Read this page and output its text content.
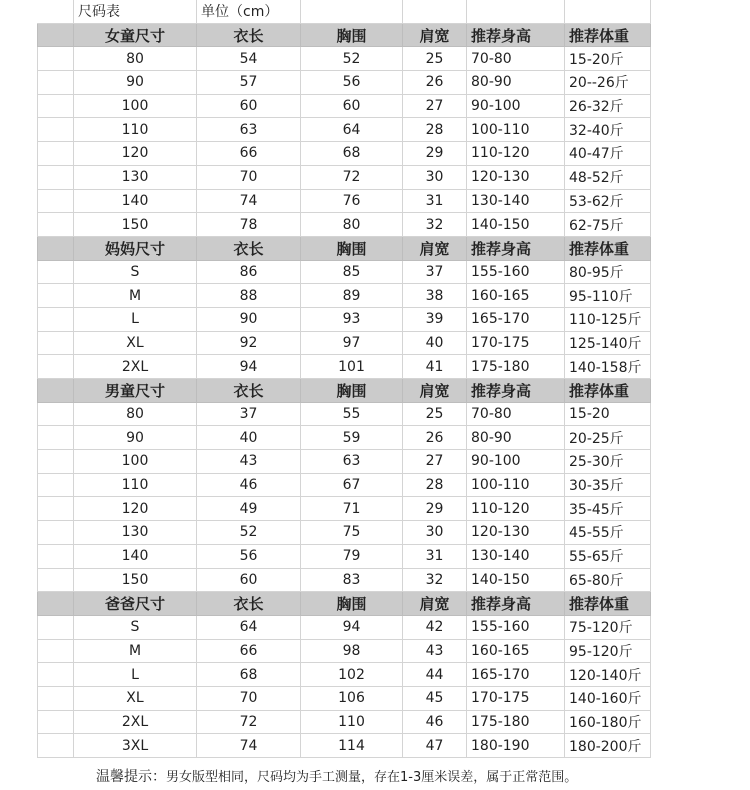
	尺码表	单位（cm）				
	女童尺寸	衣长	胸围	肩宽	推荐身高	推荐体重
	80	54	52	25	70-80	15-20斤
	90	57	56	26	80-90	20--26斤
	100	60	60	27	90-100	26-32斤
	110	63	64	28	100-110	32-40斤
	120	66	68	29	110-120	40-47斤
	130	70	72	30	120-130	48-52斤
	140	74	76	31	130-140	53-62斤
	150	78	80	32	140-150	62-75斤
	妈妈尺寸	衣长	胸围	肩宽	推荐身高	推荐体重
	S	86	85	37	155-160	80-95斤
	M	88	89	38	160-165	95-110斤
	L	90	93	39	165-170	110-125斤
	XL	92	97	40	170-175	125-140斤
	2XL	94	101	41	175-180	140-158斤
	男童尺寸	衣长	胸围	肩宽	推荐身高	推荐体重
	80	37	55	25	70-80	15-20
	90	40	59	26	80-90	20-25斤
	100	43	63	27	90-100	25-30斤
	110	46	67	28	100-110	30-35斤
	120	49	71	29	110-120	35-45斤
	130	52	75	30	120-130	45-55斤
	140	56	79	31	130-140	55-65斤
	150	60	83	32	140-150	65-80斤
	爸爸尺寸	衣长	胸围	肩宽	推荐身高	推荐体重
	S	64	94	42	155-160	75-120斤
	M	66	98	43	160-165	95-120斤
	L	68	102	44	165-170	120-140斤
	XL	70	106	45	170-175	140-160斤
	2XL	72	110	46	175-180	160-180斤
	3XL	74	114	47	180-190	180-200斤
温馨提示：男女版型相同，尺码均为手工测量，存在1-3厘米误差，属于正常范围。
